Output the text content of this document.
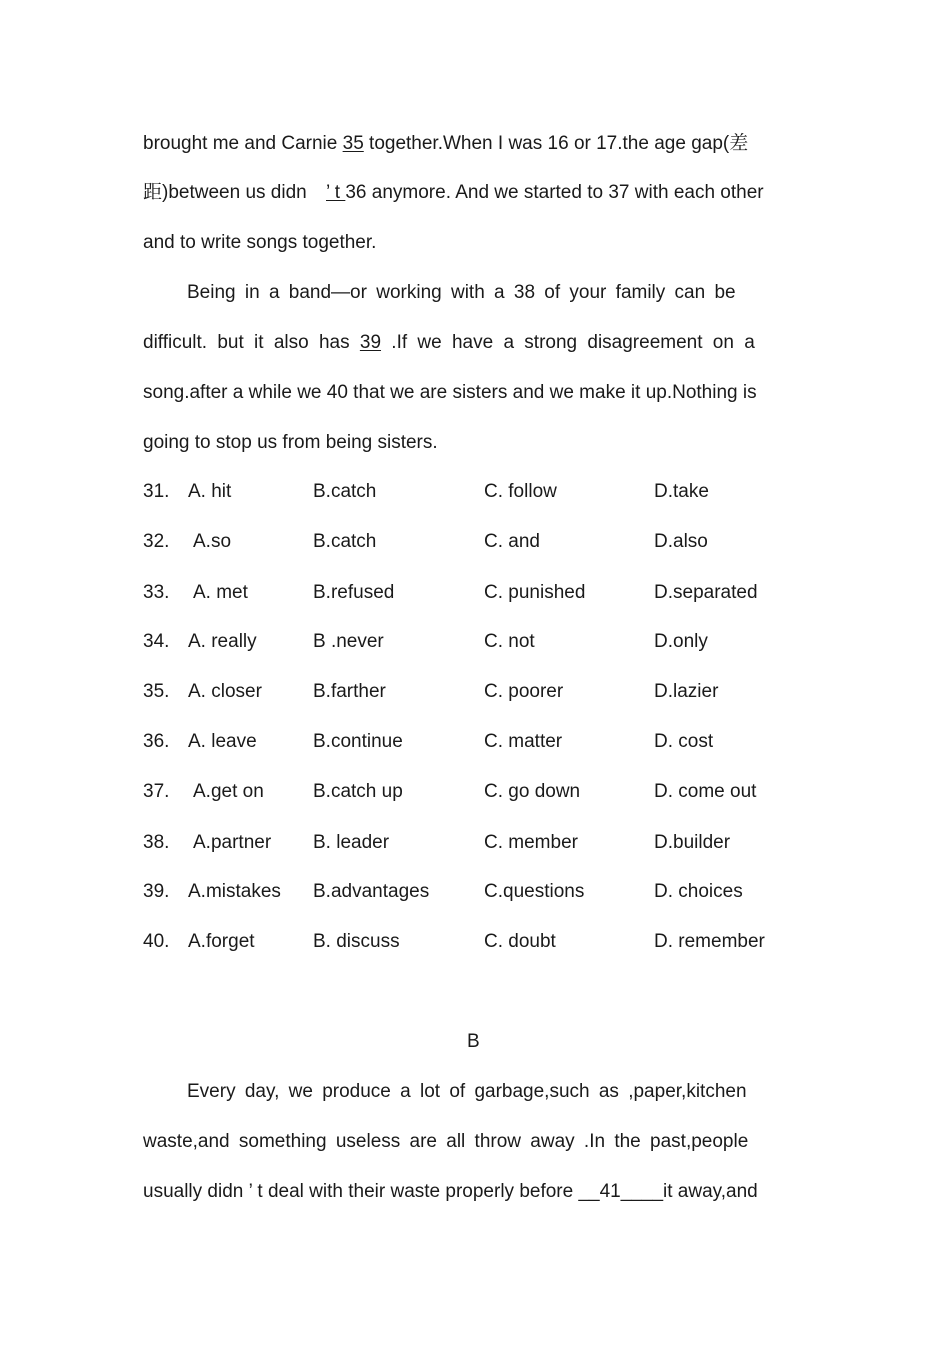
brought me and Carnie 35 together.When I was 16 or 17.the age gap(差
距)between us didn ’ t 36 anymore. And we started to 37 with each other
and to write songs together.
Being in a band—or working with a 38 of your family can be
difficult. but it also has 39 .If we have a strong disagreement on a
song.after a while we 40 that we are sisters and we make it up.Nothing is
going to stop us from being sisters.
31. A. hit	B.catch	C. follow	D.take
32. A.so	B.catch	C. and	D.also
33. A. met	B.refused	C. punished	D.separated
34. A. really	B .never	C. not	D.only
35. A. closer	B.farther	C. poorer	D.lazier
36. A. leave	B.continue	C. matter	D. cost
37. A.get on	B.catch up	C. go down	D. come out
38. A.partner B. leader	C. member	D.builder
39. A.mistakes B.advantages	C.questions	D. choices
40. A.forget	B. discuss	C. doubt	D. remember
B
Every day, we produce a lot of garbage,such as ,paper,kitchen
waste,and something useless are all throw away .In the past,people
usually didn ’ t deal with their waste properly before __41____it away,and
